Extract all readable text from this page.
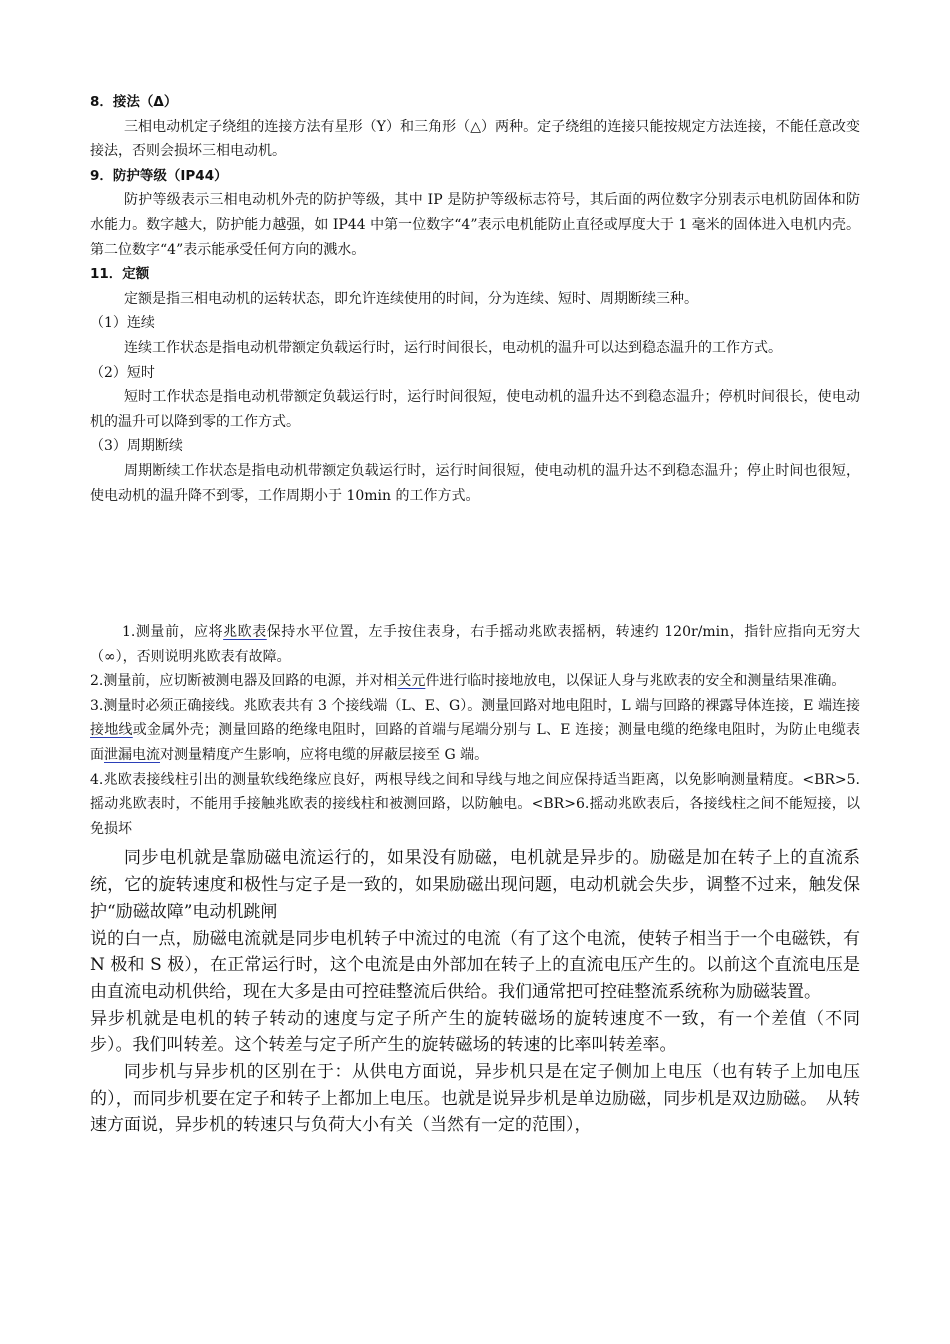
8．接法（Δ）

三相电动机定子绕组的连接方法有星形（Y）和三角形（△）两种。定子绕组的连接只能按规定方法连接，不能任意改变接法，否则会损坏三相电动机。

9．防护等级（IP44）

防护等级表示三相电动机外壳的防护等级，其中 IP 是防护等级标志符号，其后面的两位数字分别表示电机防固体和防水能力。数字越大，防护能力越强，如 IP44 中第一位数字“4”表示电机能防止直径或厚度大于 1 毫米的固体进入电机内壳。第二位数字“4”表示能承受任何方向的溅水。

11．定额

定额是指三相电动机的运转状态，即允许连续使用的时间，分为连续、短时、周期断续三种。

（1）连续

连续工作状态是指电动机带额定负载运行时，运行时间很长，电动机的温升可以达到稳态温升的工作方式。

（2）短时

短时工作状态是指电动机带额定负载运行时，运行时间很短，使电动机的温升达不到稳态温升；停机时间很长，使电动机的温升可以降到零的工作方式。

（3）周期断续

周期断续工作状态是指电动机带额定负载运行时，运行时间很短，使电动机的温升达不到稳态温升；停止时间也很短，使电动机的温升降不到零，工作周期小于 10min 的工作方式。

1.测量前，应将兆欧表保持水平位置，左手按住表身，右手摇动兆欧表摇柄，转速约 120r/min，指针应指向无穷大（∞），否则说明兆欧表有故障。

2.测量前，应切断被测电器及回路的电源，并对相关元件进行临时接地放电，以保证人身与兆欧表的安全和测量结果准确。

3.测量时必须正确接线。兆欧表共有 3 个接线端（L、E、G）。测量回路对地电阻时，L 端与回路的裸露导体连接，E 端连接接地线或金属外壳；测量回路的绝缘电阻时，回路的首端与尾端分别与 L、E 连接；测量电缆的绝缘电阻时，为防止电缆表面泄漏电流对测量精度产生影响，应将电缆的屏蔽层接至 G 端。

4.兆欧表接线柱引出的测量软线绝缘应良好，两根导线之间和导线与地之间应保持适当距离，以免影响测量精度。<BR>5.摇动兆欧表时，不能用手接触兆欧表的接线柱和被测回路，以防触电。<BR>6.摇动兆欧表后，各接线柱之间不能短接，以免损坏

同步电机就是靠励磁电流运行的，如果没有励磁，电机就是异步的。励磁是加在转子上的直流系统，它的旋转速度和极性与定子是一致的，如果励磁出现问题，电动机就会失步，调整不过来，触发保护“励磁故障”电动机跳闸

说的白一点，励磁电流就是同步电机转子中流过的电流（有了这个电流，使转子相当于一个电磁铁，有 N 极和 S 极），在正常运行时，这个电流是由外部加在转子上的直流电压产生的。以前这个直流电压是由直流电动机供给，现在大多是由可控硅整流后供给。我们通常把可控硅整流系统称为励磁装置。

异步机就是电机的转子转动的速度与定子所产生的旋转磁场的旋转速度不一致，有一个差值（不同步）。我们叫转差。这个转差与定子所产生的旋转磁场的转速的比率叫转差率。

同步机与异步机的区别在于：从供电方面说，异步机只是在定子侧加上电压（也有转子上加电压的），而同步机要在定子和转子上都加上电压。也就是说异步机是单边励磁，同步机是双边励磁。　从转速方面说，异步机的转速只与负荷大小有关（当然有一定的范围），
